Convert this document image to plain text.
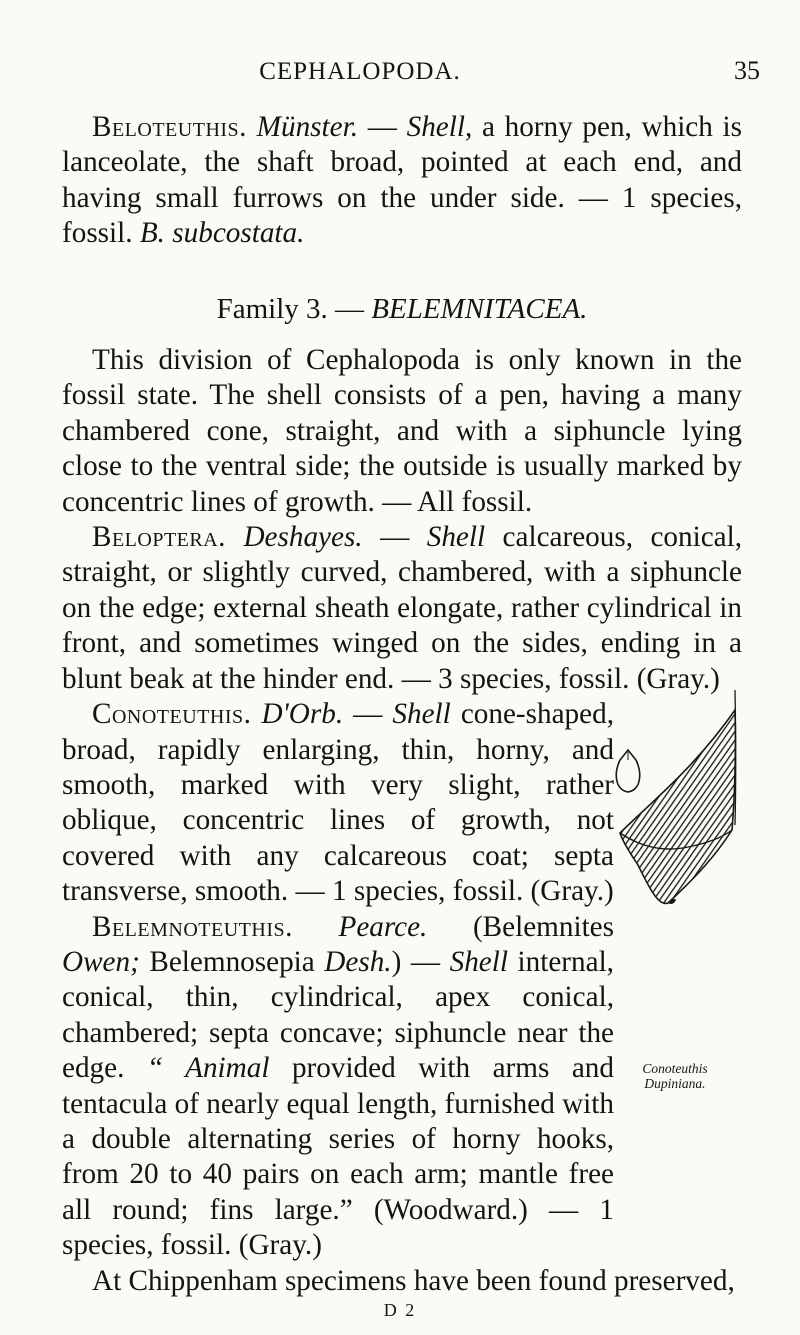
CEPHALOPODA.	35

Beloteuthis. Münster. — Shell, a horny pen, which is lanceolate, the shaft broad, pointed at each end, and having small furrows on the under side. — 1 species, fossil. B. subcostata.

Family 3. — BELEMNITACEA.

This division of Cephalopoda is only known in the fossil state. The shell consists of a pen, having a many chambered cone, straight, and with a siphuncle lying close to the ventral side; the outside is usually marked by concentric lines of growth. — All fossil.

Beloptera. Deshayes. — Shell calcareous, conical, straight, or slightly curved, chambered, with a siphuncle on the edge; external sheath elongate, rather cylindrical in front, and sometimes winged on the sides, ending in a blunt beak at the hinder end. — 3 species, fossil. (Gray.)

Conoteuthis. D'Orb. — Shell cone-shaped, broad, rapidly enlarging, thin, horny, and smooth, marked with very slight, rather oblique, concentric lines of growth, not covered with any calcareous coat; septa transverse, smooth. — 1 species, fossil. (Gray.)

Belemnoteuthis. Pearce. (Belemnites Owen; Belemnosepia Desh.) — Shell internal, conical, thin, cylindrical, apex conical, chambered; septa concave; siphuncle near the edge. “ Animal provided with arms and tentacula of nearly equal length, furnished with a double alternating series of horny hooks, from 20 to 40 pairs on each arm; mantle free all round; fins large.” (Woodward.) — 1 species, fossil. (Gray.)

At Chippenham specimens have been found preserved,

Conoteuthis
Dupiniana.
D 2
